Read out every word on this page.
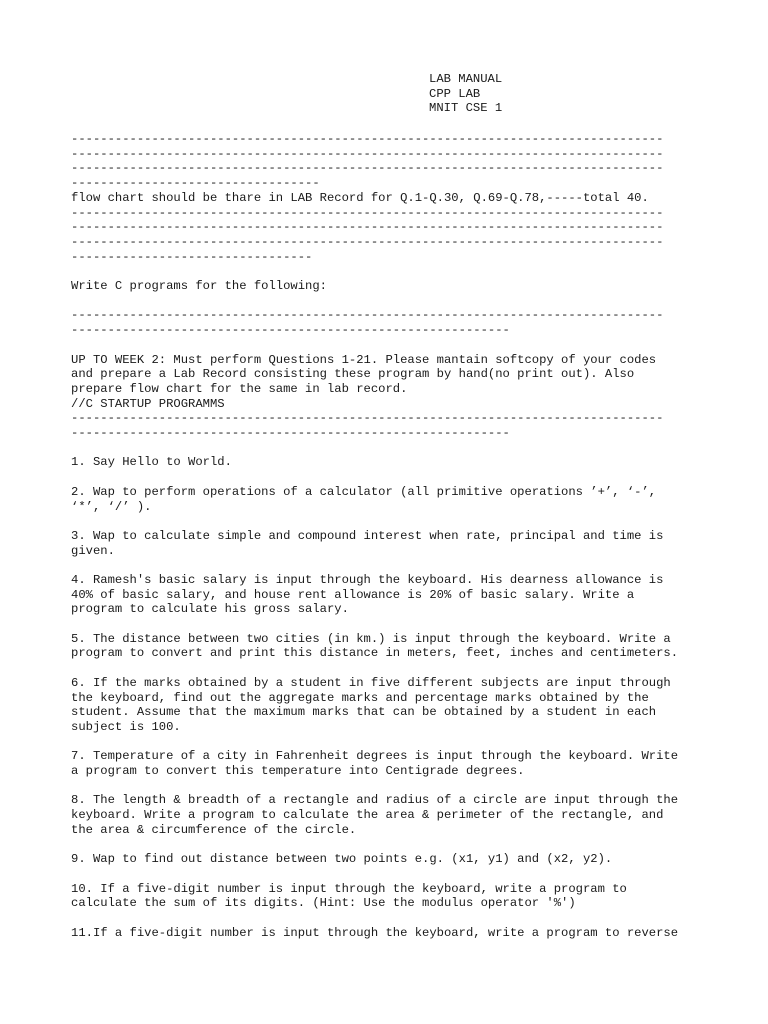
LAB MANUAL
CPP LAB
MNIT CSE 1
---------------------------------------------------------------------------------
---------------------------------------------------------------------------------
---------------------------------------------------------------------------------
----------------------------------
flow chart should be thare in LAB Record for Q.1-Q.30, Q.69-Q.78,-----total 40.
---------------------------------------------------------------------------------
---------------------------------------------------------------------------------
---------------------------------------------------------------------------------
---------------------------------
Write C programs for the following:
---------------------------------------------------------------------------------
------------------------------------------------------------
UP TO WEEK 2: Must perform Questions 1-21. Please mantain softcopy of your codes
and prepare a Lab Record consisting these program by hand(no print out). Also
prepare flow chart for the same in lab record.
//C STARTUP PROGRAMMS
---------------------------------------------------------------------------------
------------------------------------------------------------
1. Say Hello to World.
2. Wap to perform operations of a calculator (all primitive operations ’+’, ‘-’,
‘*’, ‘/’ ).
3. Wap to calculate simple and compound interest when rate, principal and time is
given.
4. Ramesh's basic salary is input through the keyboard. His dearness allowance is
40% of basic salary, and house rent allowance is 20% of basic salary. Write a
program to calculate his gross salary.
5. The distance between two cities (in km.) is input through the keyboard. Write a
program to convert and print this distance in meters, feet, inches and centimeters.
6. If the marks obtained by a student in five different subjects are input through
the keyboard, find out the aggregate marks and percentage marks obtained by the
student. Assume that the maximum marks that can be obtained by a student in each
subject is 100.
7. Temperature of a city in Fahrenheit degrees is input through the keyboard. Write
a program to convert this temperature into Centigrade degrees.
8. The length & breadth of a rectangle and radius of a circle are input through the
keyboard. Write a program to calculate the area & perimeter of the rectangle, and
the area & circumference of the circle.
9. Wap to find out distance between two points e.g. (x1, y1) and (x2, y2).
10. If a five-digit number is input through the keyboard, write a program to
calculate the sum of its digits. (Hint: Use the modulus operator '%')
11.If a five-digit number is input through the keyboard, write a program to reverse
